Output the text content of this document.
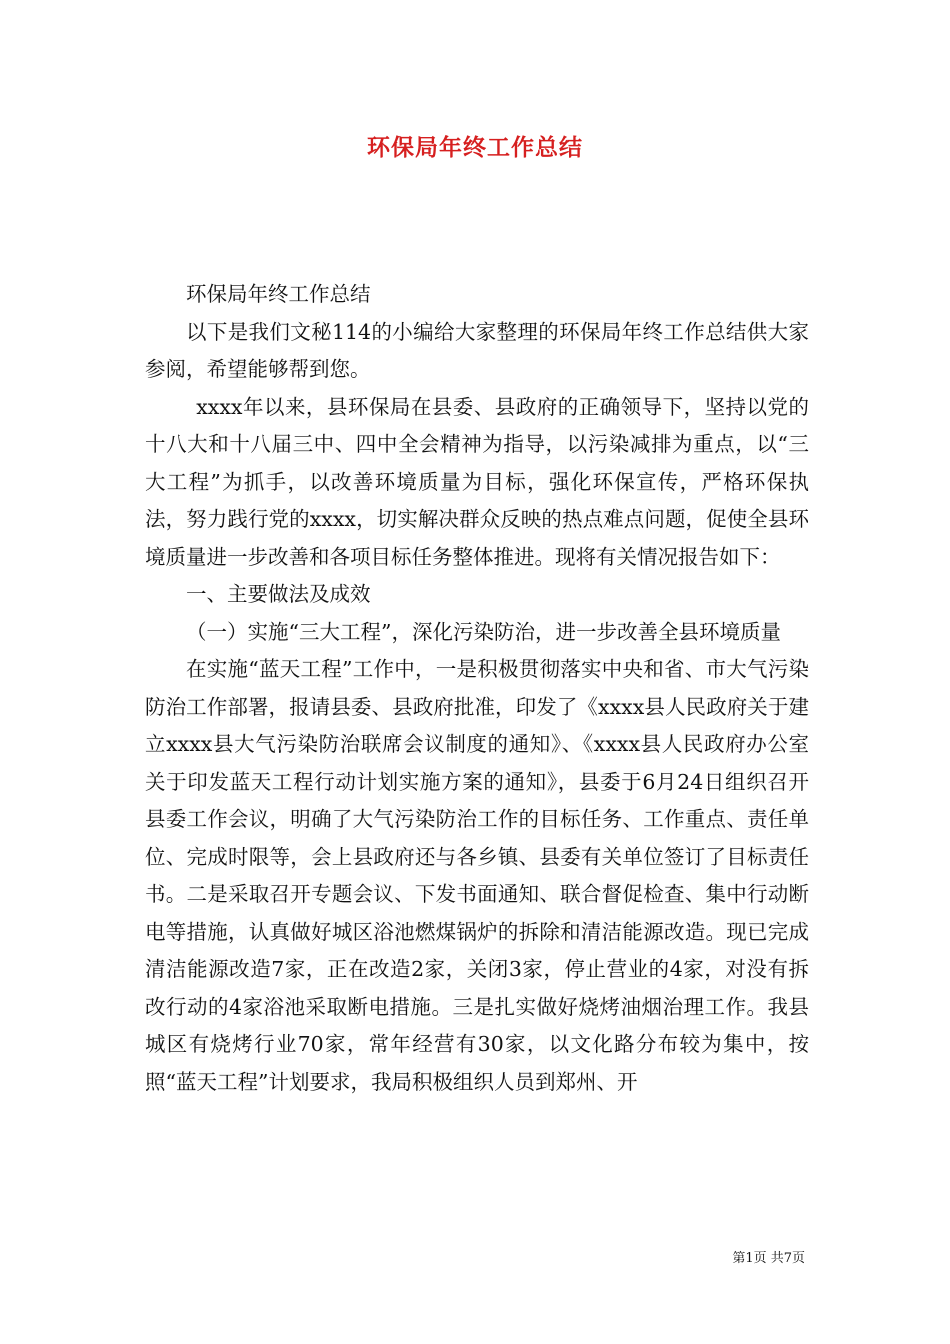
环保局年终工作总结

环保局年终工作总结

以下是我们文秘114的小编给大家整理的环保局年终工作总结供大家参阅，希望能够帮到您。

xxxx年以来，县环保局在县委、县政府的正确领导下，坚持以党的十八大和十八届三中、四中全会精神为指导，以污染减排为重点，以“三大工程”为抓手，以改善环境质量为目标，强化环保宣传，严格环保执法，努力践行党的xxxx，切实解决群众反映的热点难点问题，促使全县环境质量进一步改善和各项目标任务整体推进。现将有关情况报告如下：

一、主要做法及成效

（一）实施“三大工程”，深化污染防治，进一步改善全县环境质量

在实施“蓝天工程”工作中，一是积极贯彻落实中央和省、市大气污染防治工作部署，报请县委、县政府批准，印发了《xxxx县人民政府关于建立xxxx县大气污染防治联席会议制度的通知》、《xxxx县人民政府办公室关于印发蓝天工程行动计划实施方案的通知》，县委于6月24日组织召开县委工作会议，明确了大气污染防治工作的目标任务、工作重点、责任单位、完成时限等，会上县政府还与各乡镇、县委有关单位签订了目标责任书。二是采取召开专题会议、下发书面通知、联合督促检查、集中行动断电等措施，认真做好城区浴池燃煤锅炉的拆除和清洁能源改造。现已完成清洁能源改造7家，正在改造2家，关闭3家，停止营业的4家，对没有拆改行动的4家浴池采取断电措施。三是扎实做好烧烤油烟治理工作。我县城区有烧烤行业70家，常年经营有30家，以文化路分布较为集中，按照“蓝天工程”计划要求，我局积极组织人员到郑州、开

第1页 共7页
